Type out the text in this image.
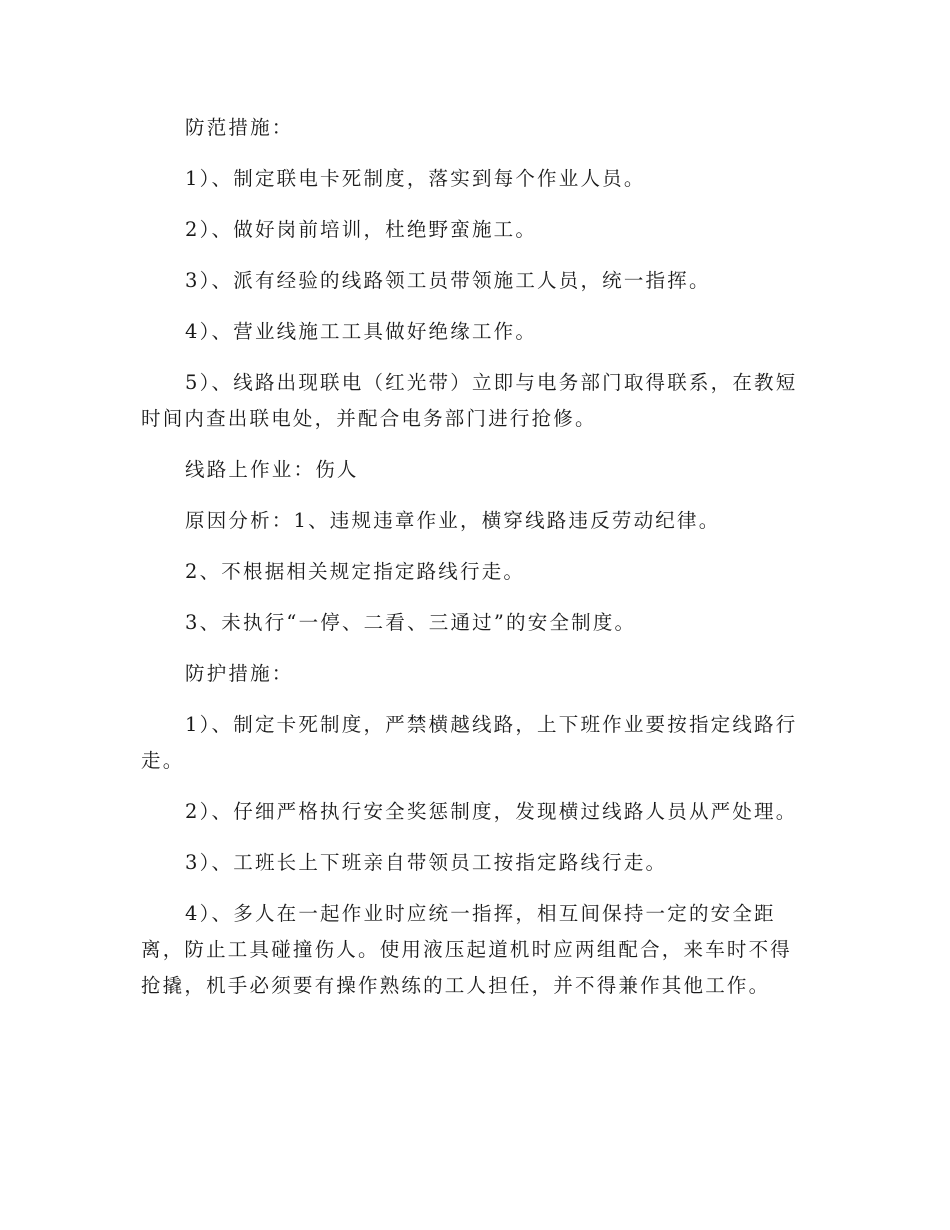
防范措施：

1）、制定联电卡死制度，落实到每个作业人员。

2）、做好岗前培训，杜绝野蛮施工。

3）、派有经验的线路领工员带领施工人员，统一指挥。

4）、营业线施工工具做好绝缘工作。

5）、线路出现联电（红光带）立即与电务部门取得联系，在教短时间内查出联电处，并配合电务部门进行抢修。

线路上作业：伤人

原因分析：1、违规违章作业，横穿线路违反劳动纪律。

2、不根据相关规定指定路线行走。

3、未执行“一停、二看、三通过”的安全制度。

防护措施：

1）、制定卡死制度，严禁横越线路，上下班作业要按指定线路行走。

2）、仔细严格执行安全奖惩制度，发现横过线路人员从严处理。

3）、工班长上下班亲自带领员工按指定路线行走。

4）、多人在一起作业时应统一指挥，相互间保持一定的安全距离，防止工具碰撞伤人。使用液压起道机时应两组配合，来车时不得抢撬，机手必须要有操作熟练的工人担任，并不得兼作其他工作。
